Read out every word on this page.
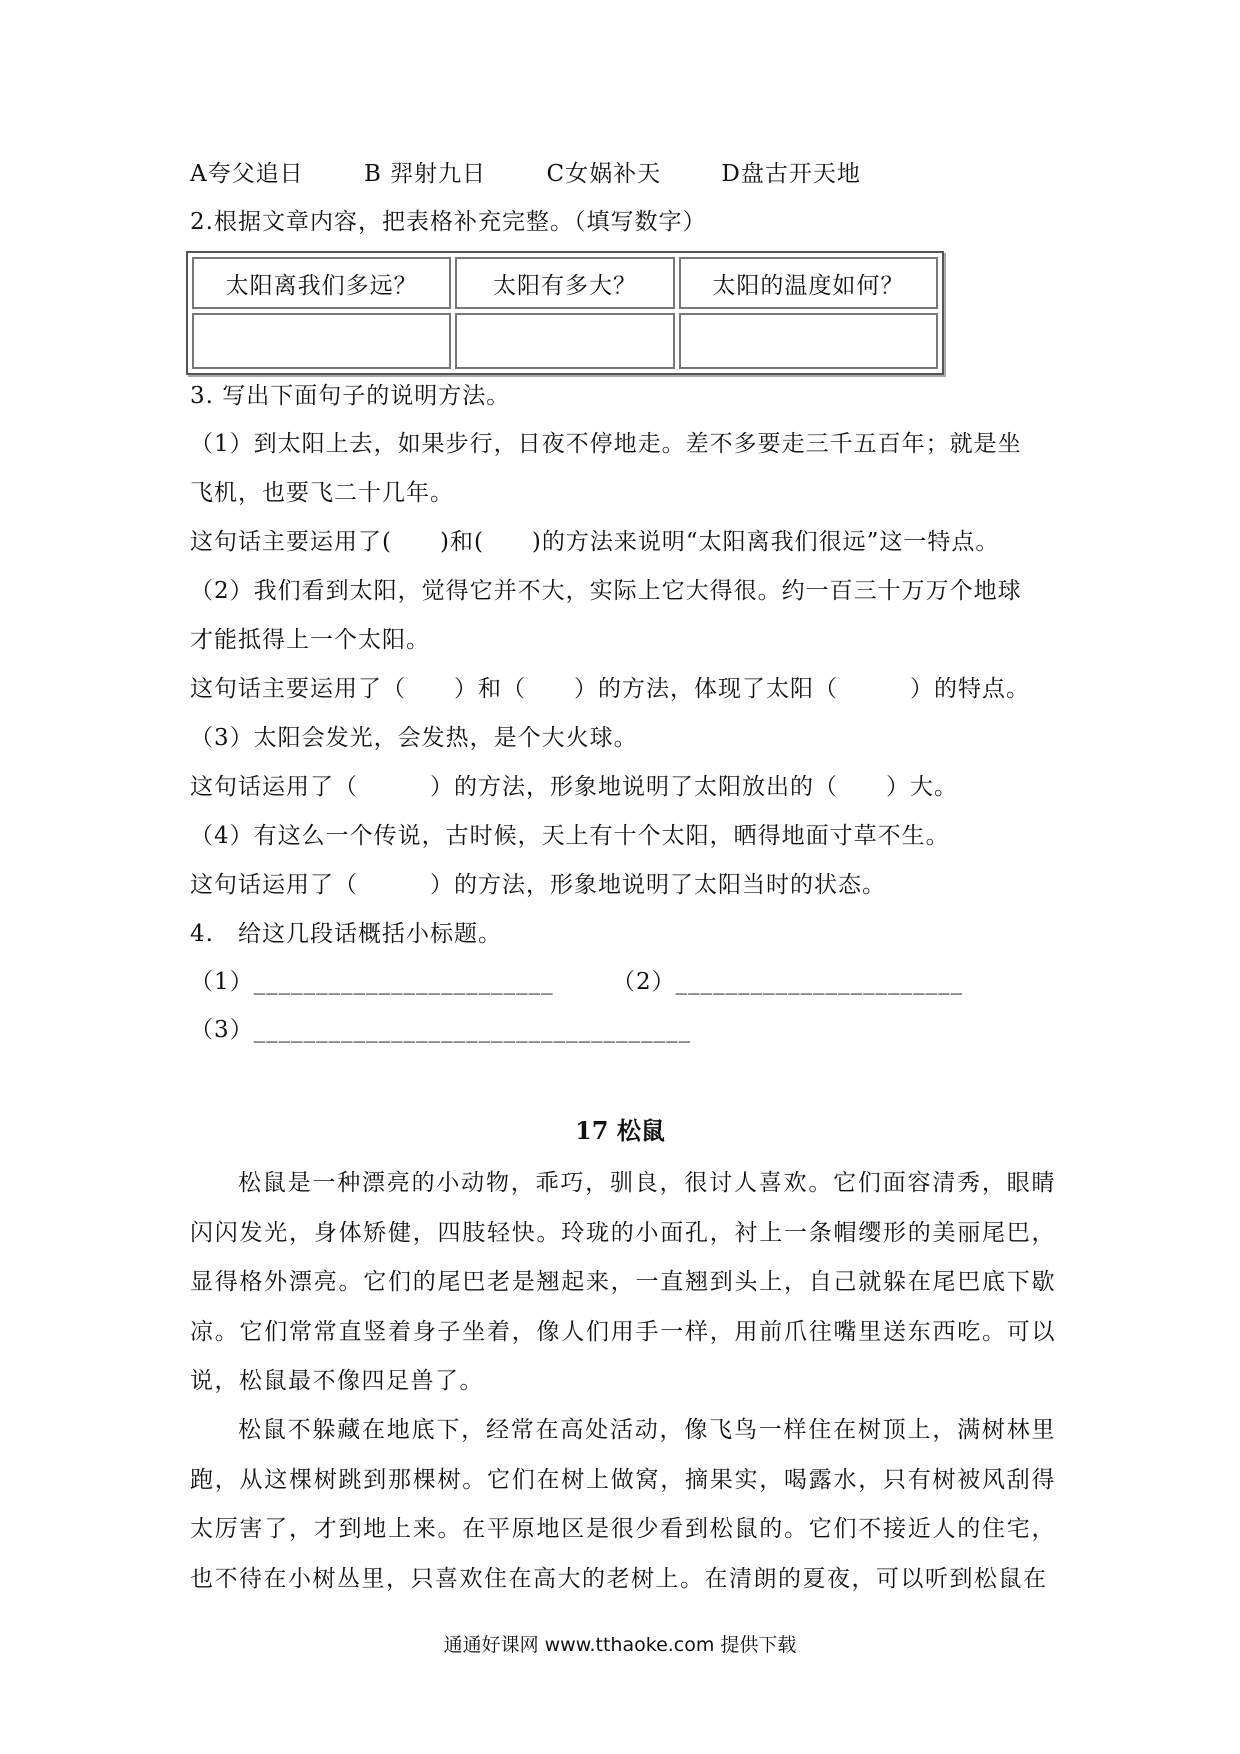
A夸父追日	B 羿射九日	C女娲补天	D盘古开天地
2.根据文章内容，把表格补充完整。（填写数字）
太阳离我们多远？	太阳有多大？	太阳的温度如何？

3. 写出下面句子的说明方法。
（1）到太阳上去，如果步行，日夜不停地走。差不多要走三千五百年；就是坐
飞机，也要飞二十几年。
这句话主要运用了(　　)和(　　)的方法来说明“太阳离我们很远”这一特点。
（2）我们看到太阳，觉得它并不大，实际上它大得很。约一百三十万万个地球
才能抵得上一个太阳。
这句话主要运用了（　　）和（　　）的方法，体现了太阳（　　　）的特点。
（3）太阳会发光，会发热，是个大火球。
这句话运用了（　　　）的方法，形象地说明了太阳放出的（　　）大。
（4）有这么一个传说，古时候，天上有十个太阳，晒得地面寸草不生。
这句话运用了（　　　）的方法，形象地说明了太阳当时的状态。
4.　给这几段话概括小标题。
（1）________________________	（2）_______________________
（3）___________________________________
17 松鼠
松鼠是一种漂亮的小动物，乖巧，驯良，很讨人喜欢。它们面容清秀，眼睛闪闪发光，身体矫健，四肢轻快。玲珑的小面孔，衬上一条帽缨形的美丽尾巴，显得格外漂亮。它们的尾巴老是翘起来，一直翘到头上，自己就躲在尾巴底下歇凉。它们常常直竖着身子坐着，像人们用手一样，用前爪往嘴里送东西吃。可以说，松鼠最不像四足兽了。
松鼠不躲藏在地底下，经常在高处活动，像飞鸟一样住在树顶上，满树林里跑，从这棵树跳到那棵树。它们在树上做窝，摘果实，喝露水，只有树被风刮得太厉害了，才到地上来。在平原地区是很少看到松鼠的。它们不接近人的住宅，也不待在小树丛里，只喜欢住在高大的老树上。在清朗的夏夜，可以听到松鼠在
通通好课网 www.tthaoke.com 提供下载
